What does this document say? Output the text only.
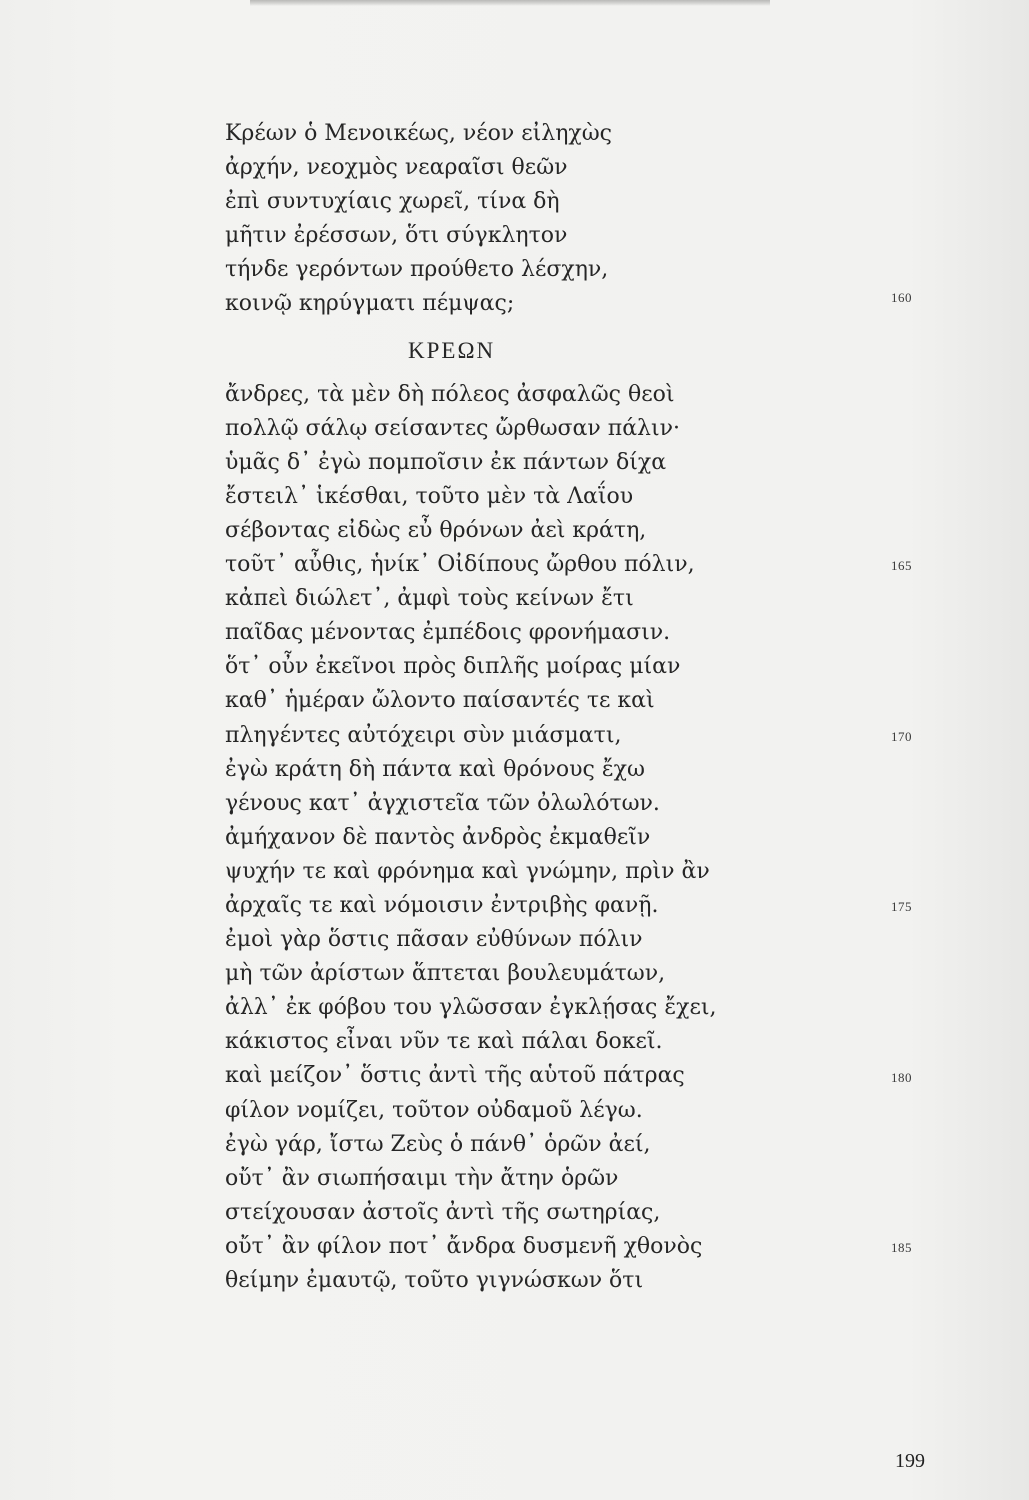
Κρέων ὁ Μενοικέως, νέον εἰληχὼς
ἀρχήν, νεοχμὸς νεαραῖσι θεῶν
ἐπὶ συντυχίαις χωρεῖ, τίνα δὴ
μῆτιν ἐρέσσων, ὅτι σύγκλητον
τήνδε γερόντων προύθετο λέσχην,
κοινῷ κηρύγματι πέμψας;
ΚΡΕΩΝ
ἄνδρες, τὰ μὲν δὴ πόλεος ἀσφαλῶς θεοὶ
πολλῷ σάλῳ σείσαντες ὤρθωσαν πάλιν·
ὑμᾶς δ᾽ ἐγὼ πομποῖσιν ἐκ πάντων δίχα
ἔστειλ᾽ ἱκέσθαι, τοῦτο μὲν τὰ Λαΐου
σέβοντας εἰδὼς εὖ θρόνων ἀεὶ κράτη,
τοῦτ᾽ αὖθις, ἡνίκ᾽ Οἰδίπους ὤρθου πόλιν,
κἀπεὶ διώλετ᾽, ἀμφὶ τοὺς κείνων ἔτι
παῖδας μένοντας ἐμπέδοις φρονήμασιν.
ὅτ᾽ οὖν ἐκεῖνοι πρὸς διπλῆς μοίρας μίαν
καθ᾽ ἡμέραν ὤλοντο παίσαντές τε καὶ
πληγέντες αὐτόχειρι σὺν μιάσματι,
ἐγὼ κράτη δὴ πάντα καὶ θρόνους ἔχω
γένους κατ᾽ ἀγχιστεῖα τῶν ὀλωλότων.
ἀμήχανον δὲ παντὸς ἀνδρὸς ἐκμαθεῖν
ψυχήν τε καὶ φρόνημα καὶ γνώμην, πρὶν ἂν
ἀρχαῖς τε καὶ νόμοισιν ἐντριβὴς φανῇ.
ἐμοὶ γὰρ ὅστις πᾶσαν εὐθύνων πόλιν
μὴ τῶν ἀρίστων ἅπτεται βουλευμάτων,
ἀλλ᾽ ἐκ φόβου του γλῶσσαν ἐγκλῄσας ἔχει,
κάκιστος εἶναι νῦν τε καὶ πάλαι δοκεῖ.
καὶ μείζον᾽ ὅστις ἀντὶ τῆς αὑτοῦ πάτρας
φίλον νομίζει, τοῦτον οὐδαμοῦ λέγω.
ἐγὼ γάρ, ἴστω Ζεὺς ὁ πάνθ᾽ ὁρῶν ἀεί,
οὔτ᾽ ἂν σιωπήσαιμι τὴν ἄτην ὁρῶν
στείχουσαν ἀστοῖς ἀντὶ τῆς σωτηρίας,
οὔτ᾽ ἂν φίλον ποτ᾽ ἄνδρα δυσμενῆ χθονὸς
θείμην ἐμαυτῷ, τοῦτο γιγνώσκων ὅτι
160
165
170
175
180
185
199
